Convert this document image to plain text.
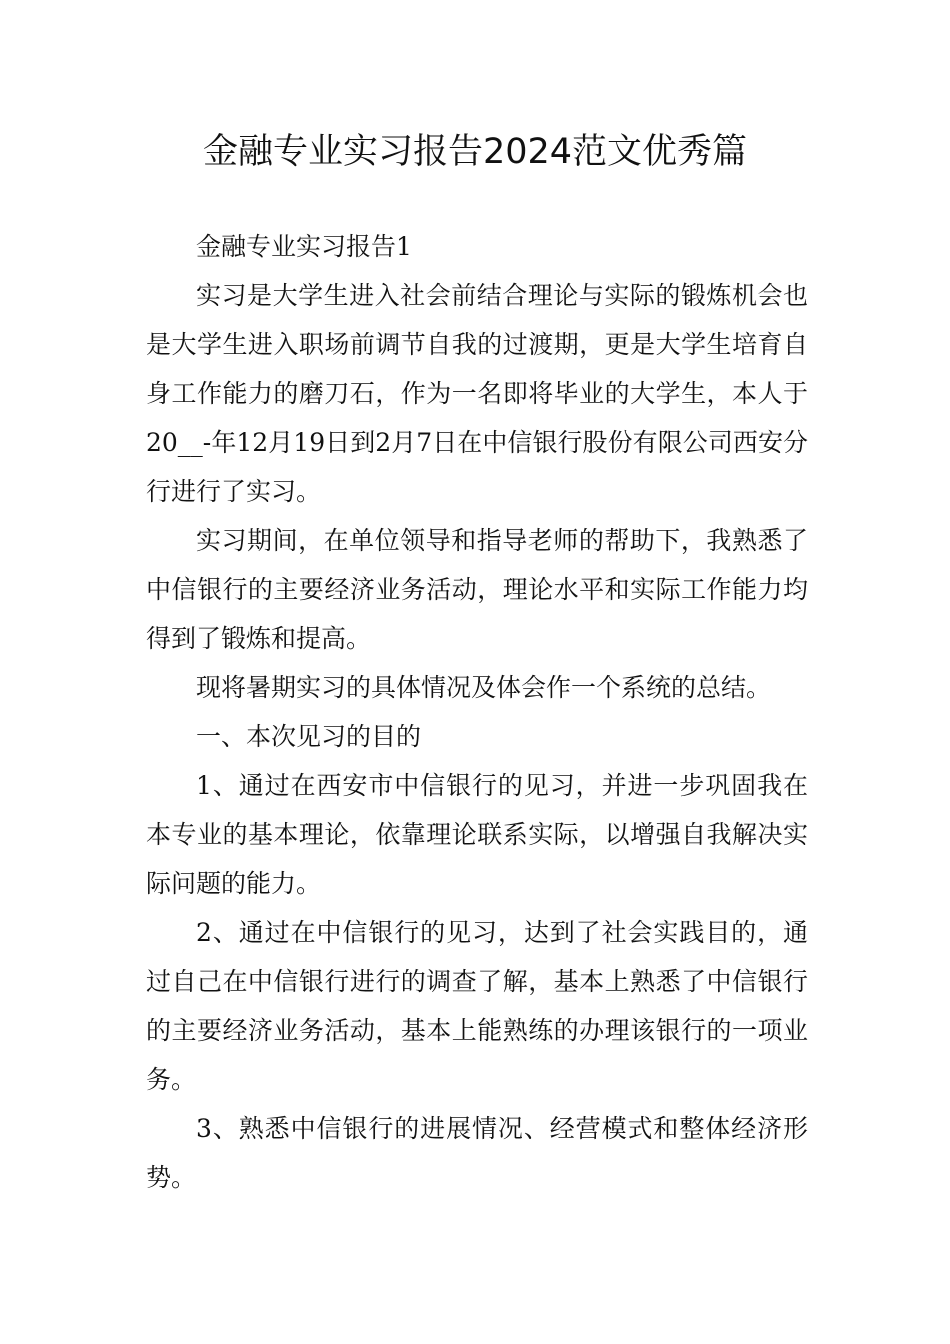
金融专业实习报告2024范文优秀篇

金融专业实习报告1

实习是大学生进入社会前结合理论与实际的锻炼机会也是大学生进入职场前调节自我的过渡期，更是大学生培育自身工作能力的磨刀石，作为一名即将毕业的大学生，本人于20__-年12月19日到2月7日在中信银行股份有限公司西安分行进行了实习。

实习期间，在单位领导和指导老师的帮助下，我熟悉了中信银行的主要经济业务活动，理论水平和实际工作能力均得到了锻炼和提高。

现将暑期实习的具体情况及体会作一个系统的总结。

一、本次见习的目的

1、通过在西安市中信银行的见习，并进一步巩固我在本专业的基本理论，依靠理论联系实际，以增强自我解决实际问题的能力。

2、通过在中信银行的见习，达到了社会实践目的，通过自己在中信银行进行的调查了解，基本上熟悉了中信银行的主要经济业务活动，基本上能熟练的办理该银行的一项业务。

3、熟悉中信银行的进展情况、经营模式和整体经济形势。
